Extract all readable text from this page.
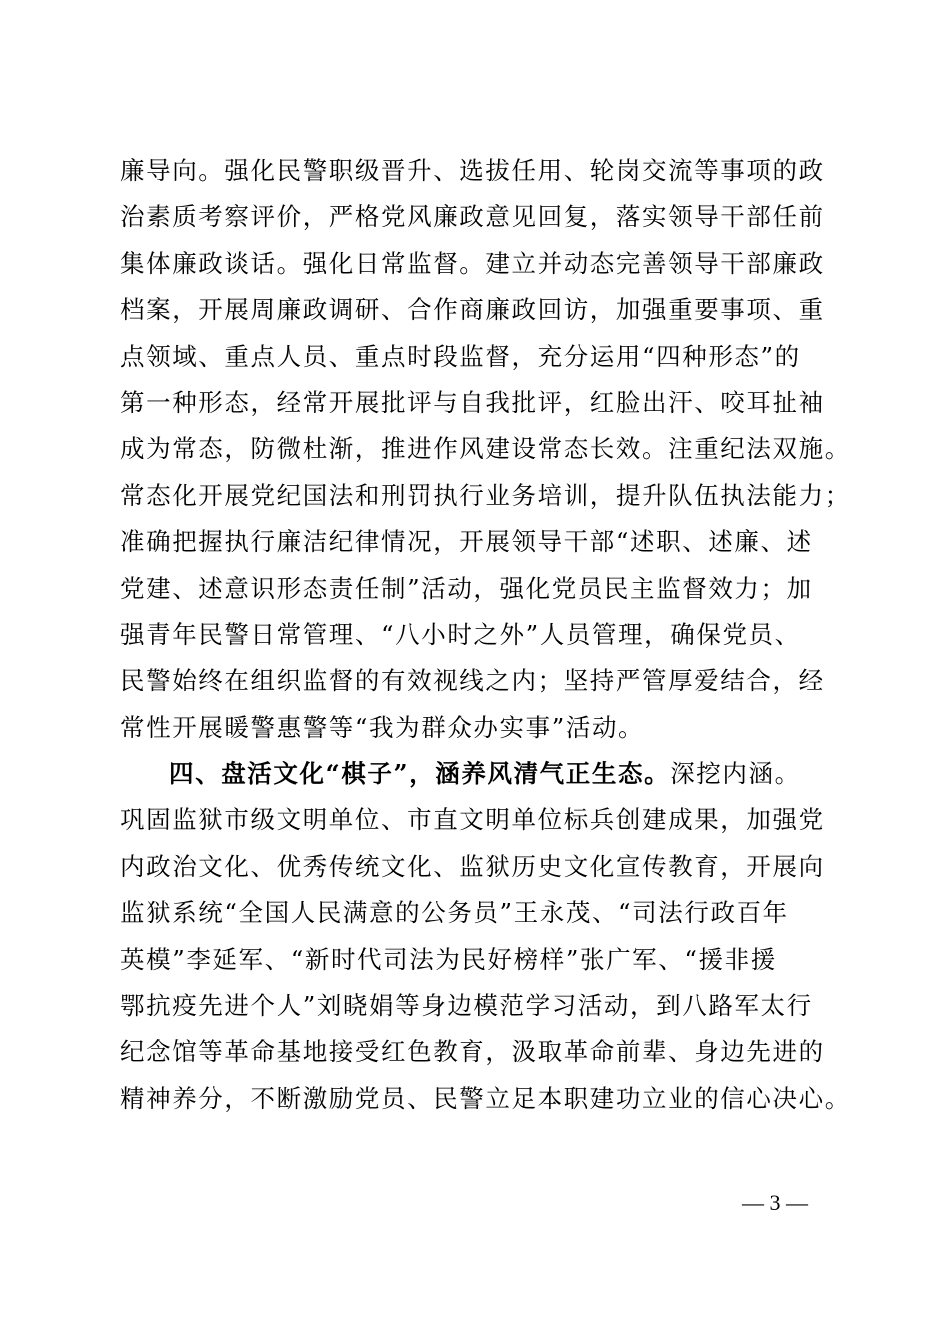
廉导向。强化民警职级晋升、选拔任用、轮岗交流等事项的政
治素质考察评价，严格党风廉政意见回复，落实领导干部任前
集体廉政谈话。强化日常监督。建立并动态完善领导干部廉政
档案，开展周廉政调研、合作商廉政回访，加强重要事项、重
点领域、重点人员、重点时段监督，充分运用“四种形态”的
第一种形态，经常开展批评与自我批评，红脸出汗、咬耳扯袖
成为常态，防微杜渐，推进作风建设常态长效。注重纪法双施。
常态化开展党纪国法和刑罚执行业务培训，提升队伍执法能力；
准确把握执行廉洁纪律情况，开展领导干部“述职、述廉、述
党建、述意识形态责任制”活动，强化党员民主监督效力；加
强青年民警日常管理、“八小时之外”人员管理，确保党员、
民警始终在组织监督的有效视线之内；坚持严管厚爱结合，经
常性开展暖警惠警等“我为群众办实事”活动。
四、盘活文化“棋子”，涵养风清气正生态。深挖内涵。
巩固监狱市级文明单位、市直文明单位标兵创建成果，加强党
内政治文化、优秀传统文化、监狱历史文化宣传教育，开展向
监狱系统“全国人民满意的公务员”王永茂、“司法行政百年
英模”李延军、“新时代司法为民好榜样”张广军、“援非援
鄂抗疫先进个人”刘晓娟等身边模范学习活动，到八路军太行
纪念馆等革命基地接受红色教育，汲取革命前辈、身边先进的
精神养分，不断激励党员、民警立足本职建功立业的信心决心。
— 3 —
